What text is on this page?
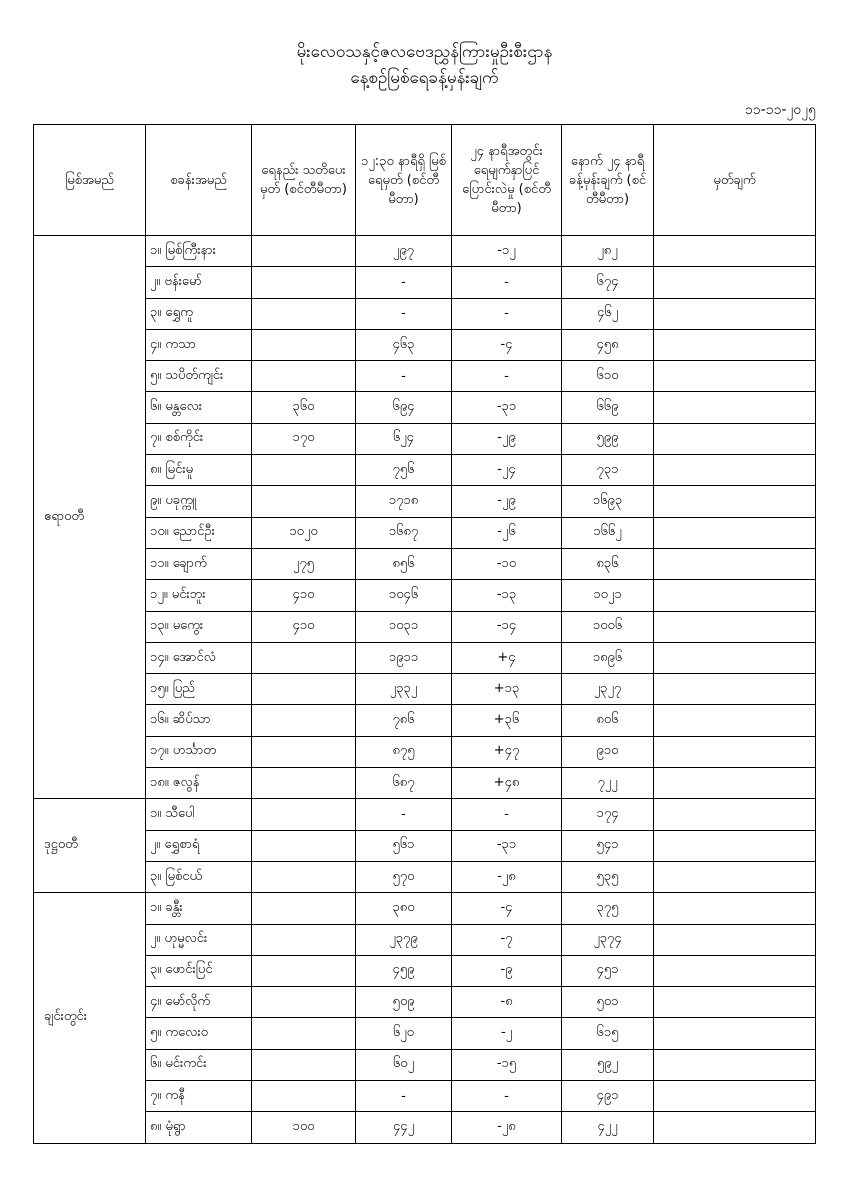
မိုးလေဝသနှင့်ဇလဗေဒညွှန်ကြားမှုဦးစီးဌာန
နေ့စဉ်မြစ်ရေခန့်မှန်းချက်
၁၁-၁၁-၂၀၂၅
မြစ်အမည်	စခန်းအမည်	ရေနည်း သတိပေးမှတ် (စင်တီမီတာ)	၁၂:၃၀ နာရီရှိ မြစ်ရေမှတ် (စင်တီမီတာ)	၂၄ နာရီအတွင်း ရေမျက်နှာပြင် ပြောင်းလဲမှု (စင်တီမီတာ)	နောက် ၂၄ နာရီ ခန့်မှန်းချက် (စင်တီမီတာ)	မှတ်ချက်
ဧရာဝတီ	၁။ မြစ်ကြီးနား		၂၉၇	-၁၂	၂၈၂	
	၂။ ဗန်းမော်		-	-	၆၇၄	
	၃။ ရွှေကူ		-	-	၄၆၂	
	၄။ ကသာ		၄၆၃	-၄	၄၅၈	
	၅။ သပိတ်ကျင်း		-	-	၆၁၀	
	၆။ မန္တလေး	၃၆၀	၆၉၄	-၃၁	၆၆၉	
	၇။ စစ်ကိုင်း	၁၇၀	၆၂၄	-၂၉	၅၉၉	
	၈။ မြင်းမူ		၇၅၆	-၂၄	၇၃၁	
	၉။ ပခုက္ကူ		၁၇၁၈	-၂၉	၁၆၉၃	
	၁၀။ ညောင်ဦး	၁၀၂၀	၁၆၈၇	-၂၆	၁၆၆၂	
	၁၁။ ချောက်	၂၇၅	၈၅၆	-၁၀	၈၃၆	
	၁၂။ မင်းဘူး	၄၁၀	၁၀၄၆	-၁၃	၁၀၂၁	
	၁၃။ မကွေး	၄၁၀	၁၀၃၁	-၁၄	၁၀၀၆	
	၁၄။ အောင်လံ		၁၉၁၁	+၄	၁၈၉၆	
	၁၅။ ပြည်		၂၃၃၂	+၁၃	၂၃၂၇	
	၁၆။ ဆိပ်သာ		၇၈၆	+၃၆	၈၀၆	
	၁၇။ ဟင်္သာတ		၈၇၅	+၄၇	၉၁၀	
	၁၈။ ဇလွန်		၆၈၇	+၄၈	၇၂၂	
ဒုဋ္ဌဝတီ	၁။ သီပေါ		-	-	၁၇၄	
	၂။ ရွှေစာရံ		၅၆၁	-၃၁	၅၄၁	
	၃။ မြစ်ငယ်		၅၇၀	-၂၈	၅၃၅	
ချင်းတွင်း	၁။ ခန္တီး		၃၈၀	-၄	၃၇၅	
	၂။ ဟုမ္မလင်း		၂၃၇၉	-၇	၂၃၇၄	
	၃။ ဖောင်းပြင်		၄၅၉	-၉	၄၅၁	
	၄။ မော်လိုက်		၅၀၉	-၈	၅၀၁	
	၅။ ကလေးဝ		၆၂၀	-၂	၆၁၅	
	၆။ မင်းကင်း		၆၀၂	-၁၅	၅၉၂	
	၇။ ကနီ		-	-	၄၉၁	
	၈။ မုံရွာ	၁၀၀	၄၄၂	-၂၈	၄၂၂	
